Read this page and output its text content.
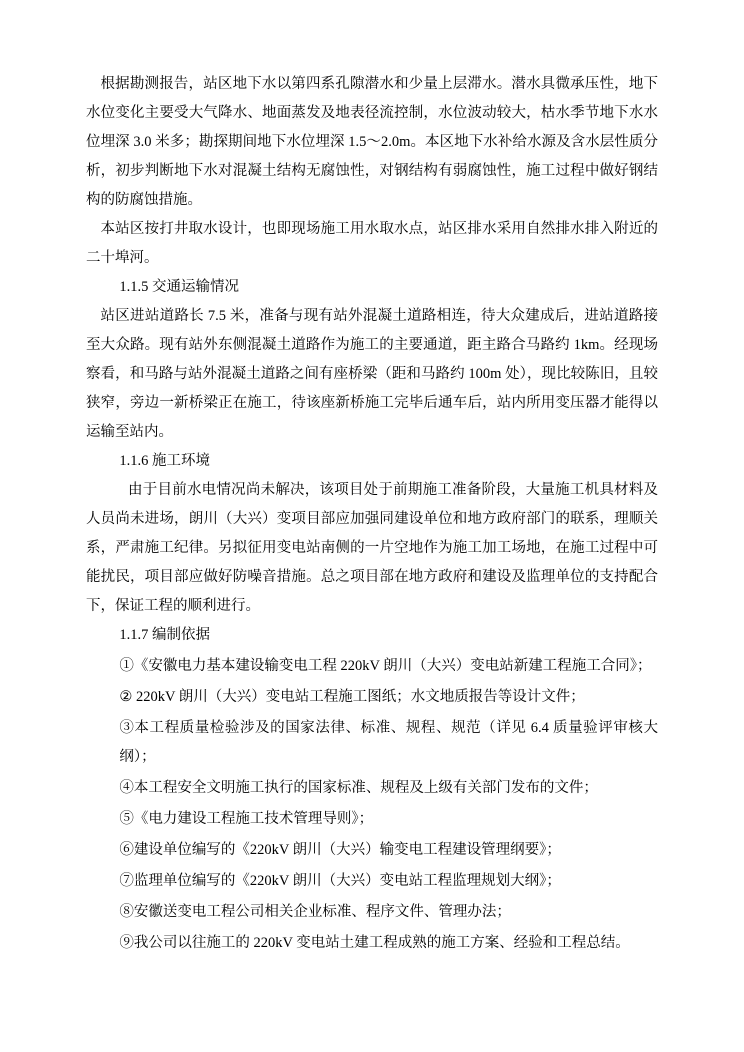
根据勘测报告，站区地下水以第四系孔隙潜水和少量上层滞水。潜水具微承压性，地下水位变化主要受大气降水、地面蒸发及地表径流控制，水位波动较大，枯水季节地下水水位埋深 3.0 米多；勘探期间地下水位埋深 1.5～2.0m。本区地下水补给水源及含水层性质分析，初步判断地下水对混凝土结构无腐蚀性，对钢结构有弱腐蚀性，施工过程中做好钢结构的防腐蚀措施。

本站区按打井取水设计，也即现场施工用水取水点，站区排水采用自然排水排入附近的二十埠河。

1.1.5 交通运输情况

站区进站道路长 7.5 米，准备与现有站外混凝土道路相连，待大众建成后，进站道路接至大众路。现有站外东侧混凝土道路作为施工的主要通道，距主路合马路约 1km。经现场察看，和马路与站外混凝土道路之间有座桥梁（距和马路约 100m 处），现比较陈旧，且较狭窄，旁边一新桥梁正在施工，待该座新桥施工完毕后通车后，站内所用变压器才能得以运输至站内。

1.1.6 施工环境

由于目前水电情况尚未解决，该项目处于前期施工准备阶段，大量施工机具材料及人员尚未进场，朗川（大兴）变项目部应加强同建设单位和地方政府部门的联系，理顺关系，严肃施工纪律。另拟征用变电站南侧的一片空地作为施工加工场地，在施工过程中可能扰民，项目部应做好防噪音措施。总之项目部在地方政府和建设及监理单位的支持配合下，保证工程的顺利进行。

1.1.7 编制依据

①《安徽电力基本建设输变电工程 220kV 朗川（大兴）变电站新建工程施工合同》；

② 220kV 朗川（大兴）变电站工程施工图纸；水文地质报告等设计文件；

③本工程质量检验涉及的国家法律、标准、规程、规范（详见 6.4 质量验评审核大纲）；

④本工程安全文明施工执行的国家标准、规程及上级有关部门发布的文件；

⑤《电力建设工程施工技术管理导则》；

⑥建设单位编写的《220kV 朗川（大兴）输变电工程建设管理纲要》；

⑦监理单位编写的《220kV 朗川（大兴）变电站工程监理规划大纲》；

⑧安徽送变电工程公司相关企业标准、程序文件、管理办法；

⑨我公司以往施工的 220kV 变电站土建工程成熟的施工方案、经验和工程总结。
